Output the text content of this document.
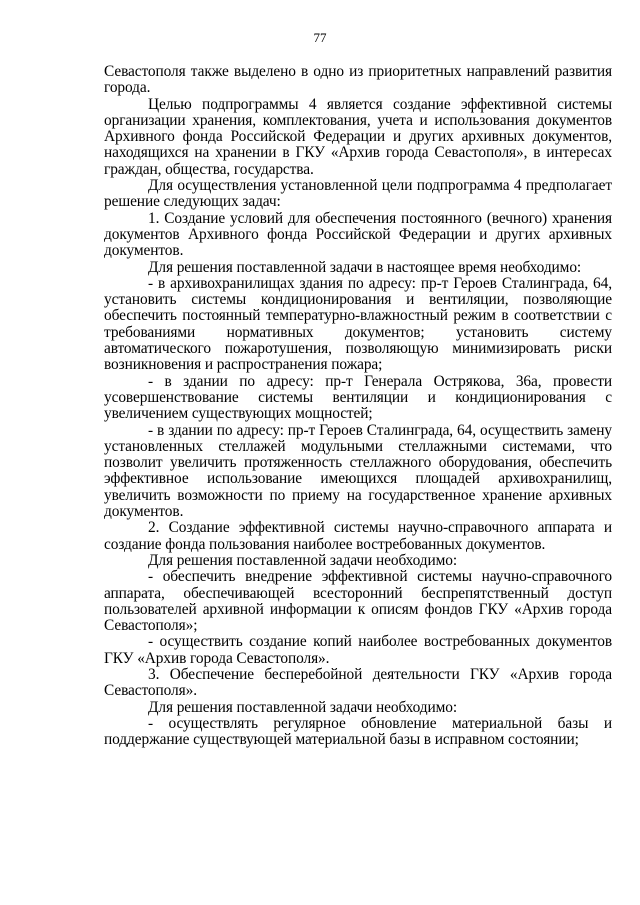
77

Севастополя также выделено в одно из приоритетных направлений развития города.

Целью подпрограммы 4 является создание эффективной системы организации хранения, комплектования, учета и использования документов Архивного фонда Российской Федерации и других архивных документов, находящихся на хранении в ГКУ «Архив города Севастополя», в интересах граждан, общества, государства.

Для осуществления установленной цели подпрограмма 4 предполагает решение следующих задач:

1. Создание условий для обеспечения постоянного (вечного) хранения документов Архивного фонда Российской Федерации и других архивных документов.

Для решения поставленной задачи в настоящее время необходимо:

- в архивохранилищах здания по адресу: пр-т Героев Сталинграда, 64, установить системы кондиционирования и вентиляции, позволяющие обеспечить постоянный температурно-влажностный режим в соответствии с требованиями нормативных документов; установить систему автоматического пожаротушения, позволяющую минимизировать риски возникновения и распространения пожара;

- в здании по адресу: пр-т Генерала Острякова, 36а, провести усовершенствование системы вентиляции и кондиционирования с увеличением существующих мощностей;

- в здании по адресу: пр-т Героев Сталинграда, 64, осуществить замену установленных стеллажей модульными стеллажными системами, что позволит увеличить протяженность стеллажного оборудования, обеспечить эффективное использование имеющихся площадей архивохранилищ, увеличить возможности по приему на государственное хранение архивных документов.

2. Создание эффективной системы научно-справочного аппарата и создание фонда пользования наиболее востребованных документов.

Для решения поставленной задачи необходимо:

- обеспечить внедрение эффективной системы научно-справочного аппарата, обеспечивающей всесторонний беспрепятственный доступ пользователей архивной информации к описям фондов ГКУ «Архив города Севастополя»;

- осуществить создание копий наиболее востребованных документов ГКУ «Архив города Севастополя».

3. Обеспечение бесперебойной деятельности ГКУ «Архив города Севастополя».

Для решения поставленной задачи необходимо:

- осуществлять регулярное обновление материальной базы и поддержание существующей материальной базы в исправном состоянии;
